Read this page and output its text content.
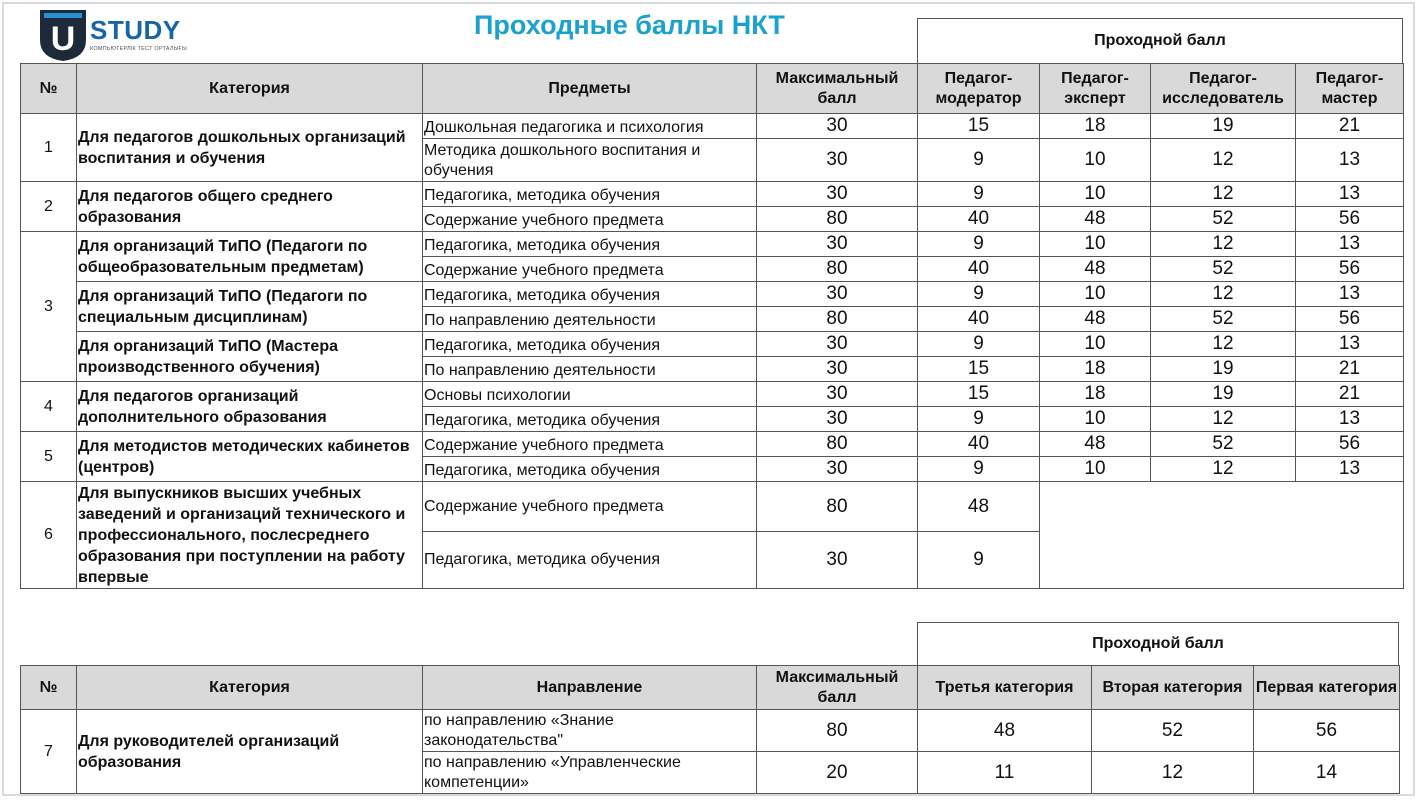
U STUDY
КОМПЬЮТЕРЛІК ТЕСТ ОРТАЛЫҒЫ
Проходные баллы НКТ
Проходной балл
№	Категория	Предметы	Максимальный балл	Педагог-модератор	Педагог-эксперт	Педагог-исследователь	Педагог-мастер
1	Для педагогов дошкольных организаций воспитания и обучения	Дошкольная педагогика и психология	30	15	18	19	21
		Методика дошкольного воспитания и обучения	30	9	10	12	13
2	Для педагогов общего среднего образования	Педагогика, методика обучения	30	9	10	12	13
		Содержание учебного предмета	80	40	48	52	56
3	Для организаций ТиПО (Педагоги по общеобразовательным предметам)	Педагогика, методика обучения	30	9	10	12	13
		Содержание учебного предмета	80	40	48	52	56
	Для организаций ТиПО (Педагоги по специальным дисциплинам)	Педагогика, методика обучения	30	9	10	12	13
		По направлению деятельности	80	40	48	52	56
	Для организаций ТиПО (Мастера производственного обучения)	Педагогика, методика обучения	30	9	10	12	13
		По направлению деятельности	30	15	18	19	21
4	Для педагогов организаций дополнительного образования	Основы психологии	30	15	18	19	21
		Педагогика, методика обучения	30	9	10	12	13
5	Для методистов методических кабинетов (центров)	Содержание учебного предмета	80	40	48	52	56
		Педагогика, методика обучения	30	9	10	12	13
6	Для выпускников высших учебных заведений и организаций технического и профессионального, послесреднего образования при поступлении на работу впервые	Содержание учебного предмета	80	48			
		Педагогика, методика обучения	30	9			
Проходной балл
№	Категория	Направление	Максимальный балл	Третья категория	Вторая категория	Первая категория
7	Для руководителей организаций образования	по направлению «Знание законодательства"	80	48	52	56
		по направлению «Управленческие компетенции»	20	11	12	14
